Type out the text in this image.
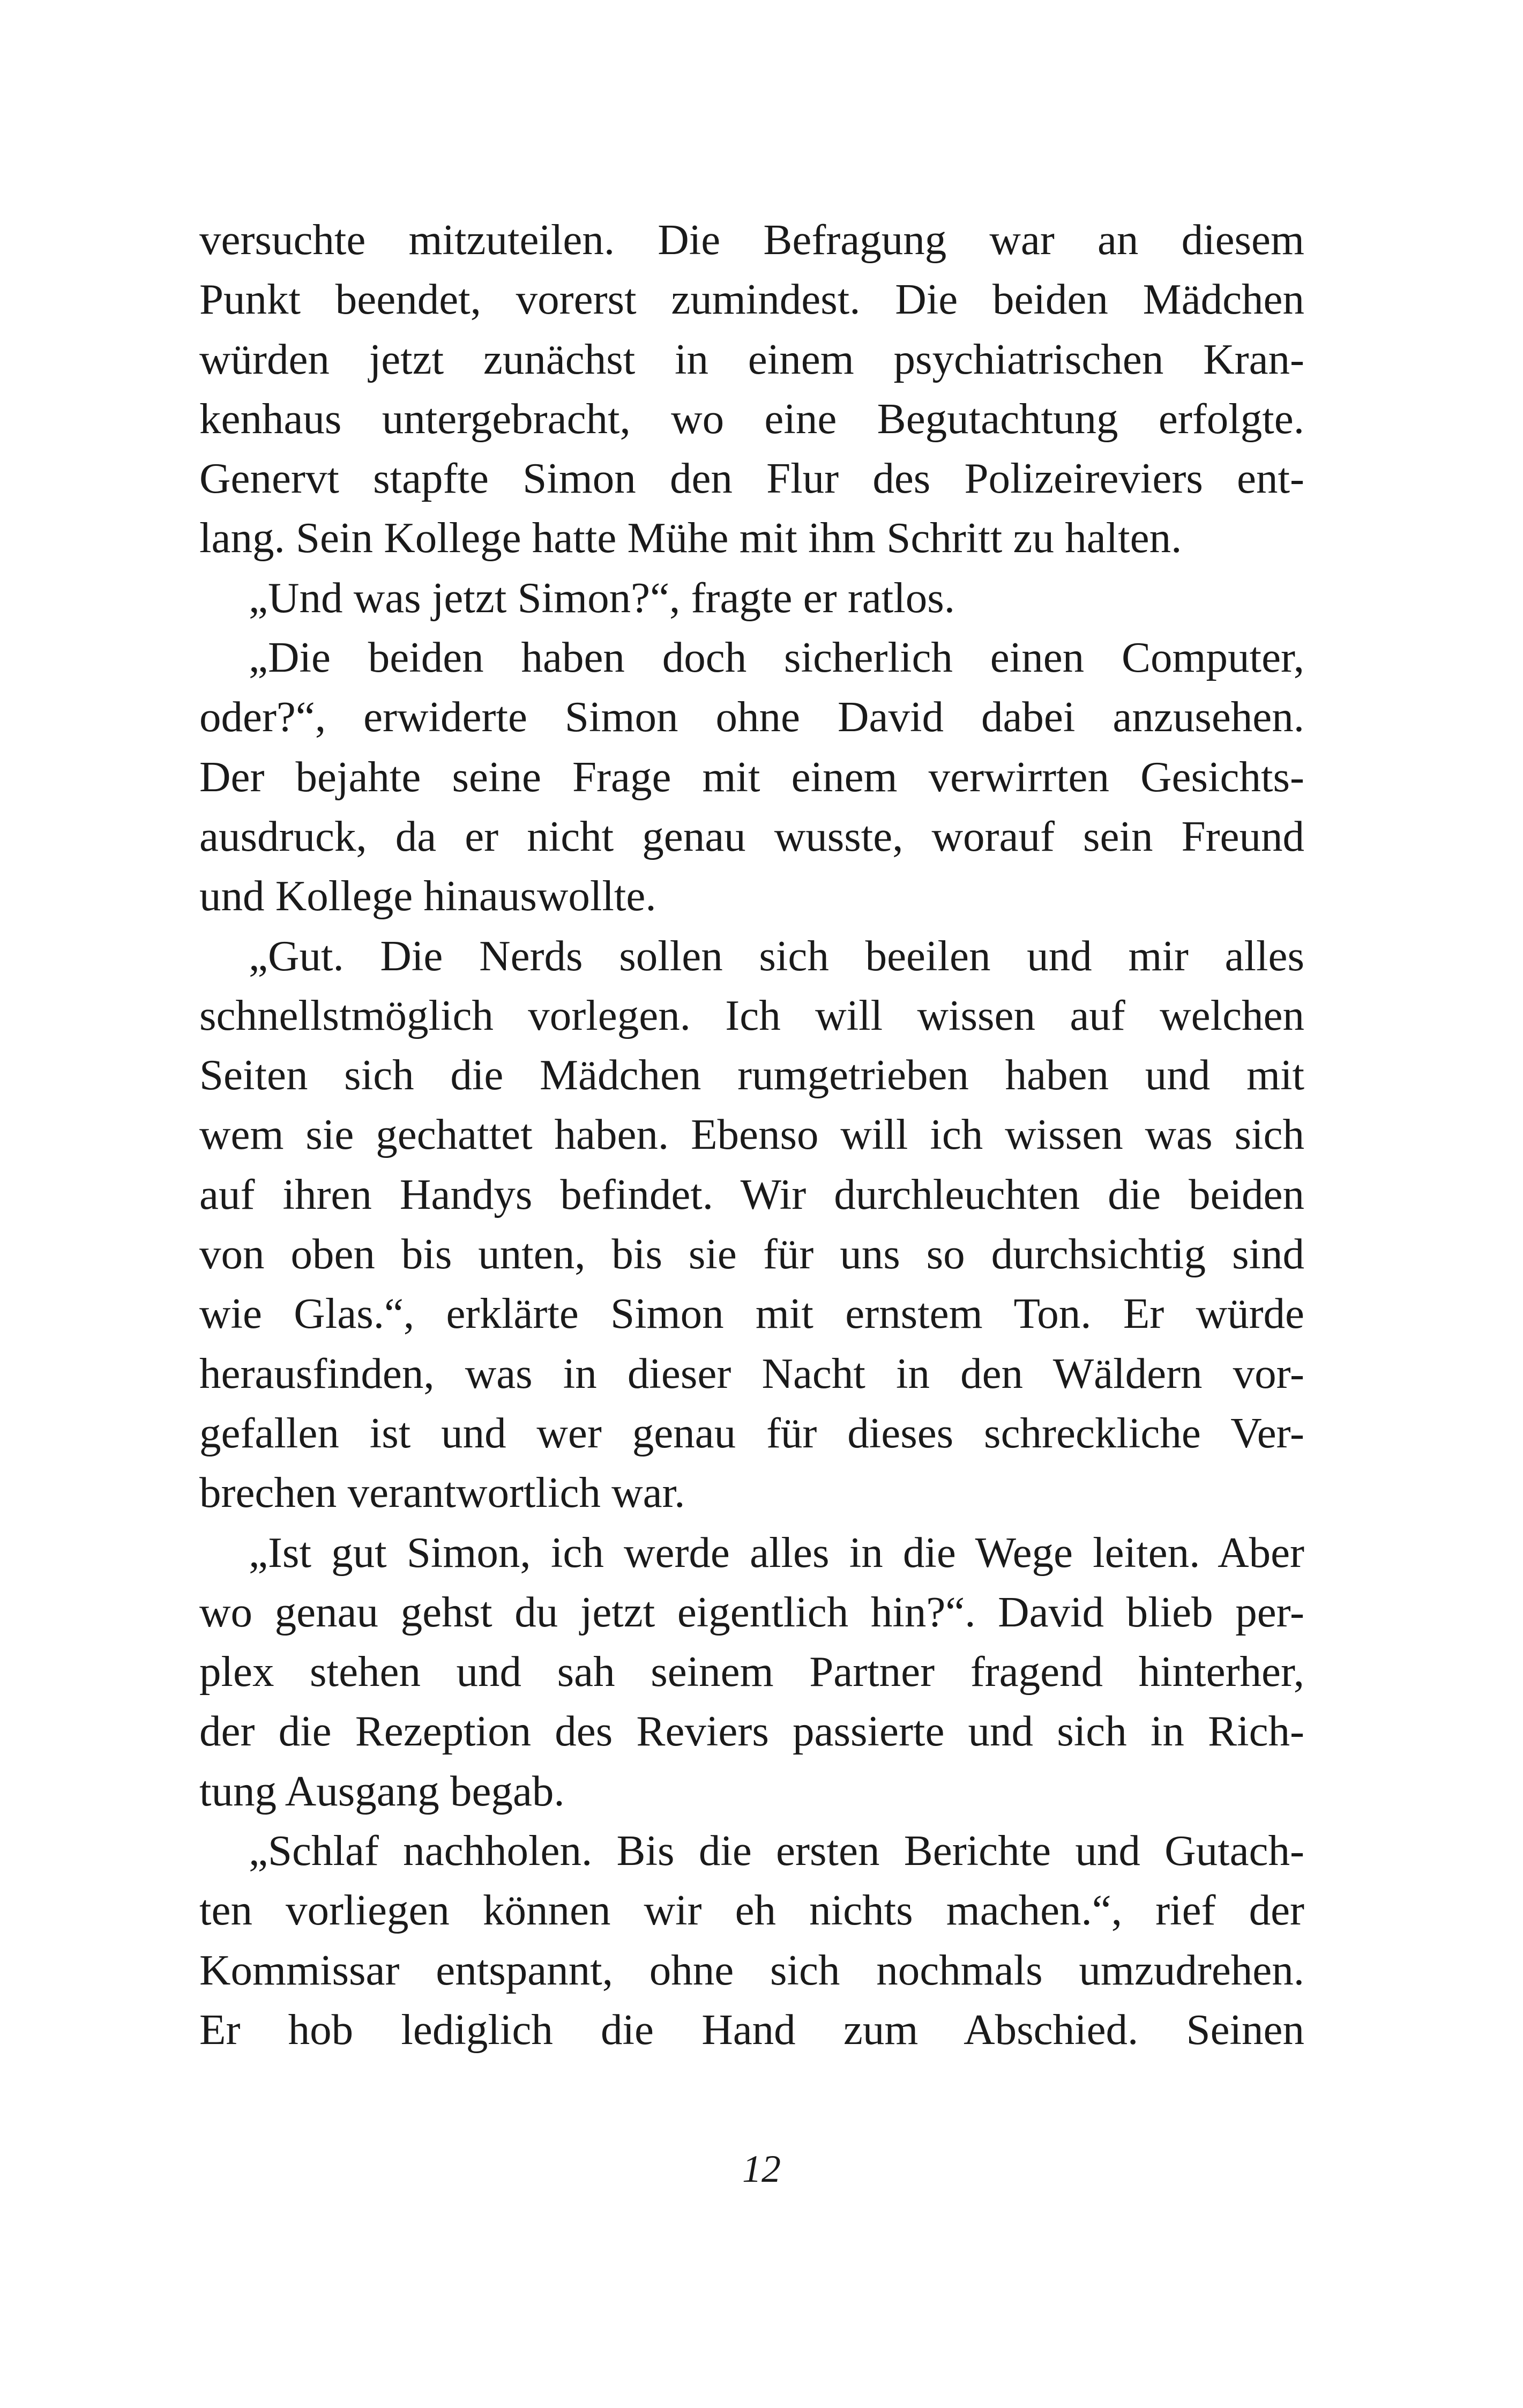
versuchte mitzuteilen. Die Befragung war an diesem
Punkt beendet, vorerst zumindest. Die beiden Mädchen
würden jetzt zunächst in einem psychiatrischen Kran-
kenhaus untergebracht, wo eine Begutachtung erfolgte.
Genervt stapfte Simon den Flur des Polizeireviers ent-
lang. Sein Kollege hatte Mühe mit ihm Schritt zu halten.
„Und was jetzt Simon?“, fragte er ratlos.
„Die beiden haben doch sicherlich einen Computer,
oder?“, erwiderte Simon ohne David dabei anzusehen.
Der bejahte seine Frage mit einem verwirrten Gesichts-
ausdruck, da er nicht genau wusste, worauf sein Freund
und Kollege hinauswollte.
„Gut. Die Nerds sollen sich beeilen und mir alles
schnellstmöglich vorlegen. Ich will wissen auf welchen
Seiten sich die Mädchen rumgetrieben haben und mit
wem sie gechattet haben. Ebenso will ich wissen was sich
auf ihren Handys befindet. Wir durchleuchten die beiden
von oben bis unten, bis sie für uns so durchsichtig sind
wie Glas.“, erklärte Simon mit ernstem Ton. Er würde
herausfinden, was in dieser Nacht in den Wäldern vor-
gefallen ist und wer genau für dieses schreckliche Ver-
brechen verantwortlich war.
„Ist gut Simon, ich werde alles in die Wege leiten. Aber
wo genau gehst du jetzt eigentlich hin?“. David blieb per-
plex stehen und sah seinem Partner fragend hinterher,
der die Rezeption des Reviers passierte und sich in Rich-
tung Ausgang begab.
„Schlaf nachholen. Bis die ersten Berichte und Gutach-
ten vorliegen können wir eh nichts machen.“, rief der
Kommissar entspannt, ohne sich nochmals umzudrehen.
Er hob lediglich die Hand zum Abschied. Seinen
12
